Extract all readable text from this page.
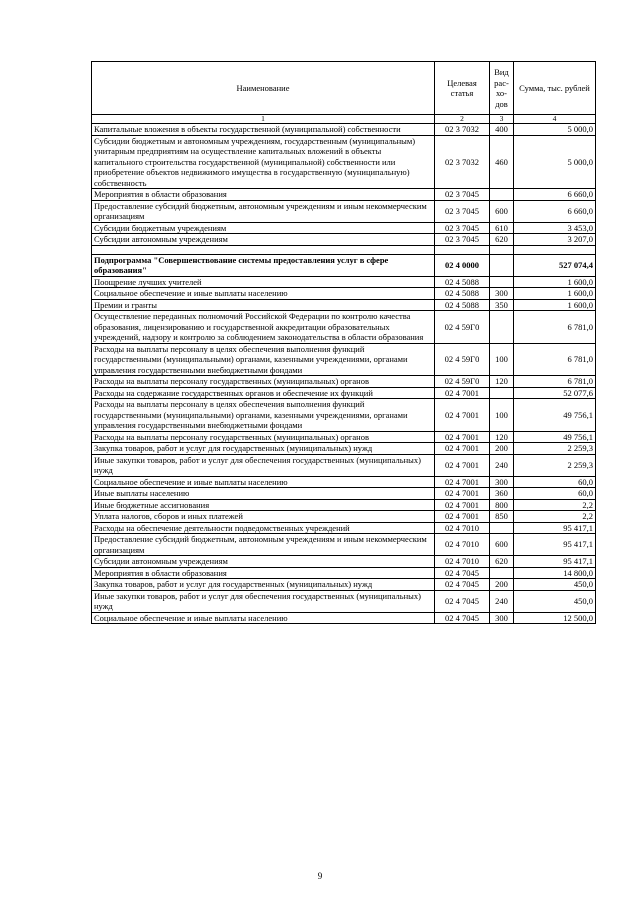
Наименование	Целевая статья	Вид рас-хо-дов	Сумма, тыс. рублей
1	2	3	4
Капитальные вложения в объекты государственной (муниципальной) собственности	02 3 7032	400	5 000,0
Субсидии бюджетным и автономным учреждениям, государственным (муниципальным) унитарным предприятиям на осуществление капитальных вложений в объекты капитального строительства государственной (муниципальной) собственности или приобретение объектов недвижимого имущества в государственную (муниципальную) собственность	02 3 7032	460	5 000,0
Мероприятия в области образования	02 3 7045		6 660,0
Предоставление субсидий бюджетным, автономным учреждениям и иным некоммерческим организациям	02 3 7045	600	6 660,0
Субсидии бюджетным учреждениям	02 3 7045	610	3 453,0
Субсидии автономным учреждениям	02 3 7045	620	3 207,0

Подпрограмма "Совершенствование системы предоставления услуг в сфере образования"	02 4 0000		527 074,4
Поощрение лучших учителей	02 4 5088		1 600,0
Социальное обеспечение и иные выплаты населению	02 4 5088	300	1 600,0
Премии и гранты	02 4 5088	350	1 600,0
Осуществление переданных полномочий Российской Федерации по контролю качества образования, лицензированию и государственной аккредитации образовательных учреждений, надзору и контролю за соблюдением законодательства в области образования	02 4 59Г0		6 781,0
Расходы на выплаты персоналу в целях обеспечения выполнения функций государственными (муниципальными) органами, казенными учреждениями, органами управления государственными внебюджетными фондами	02 4 59Г0	100	6 781,0
Расходы на выплаты персоналу государственных (муниципальных) органов	02 4 59Г0	120	6 781,0
Расходы на содержание государственных органов и обеспечение их функций	02 4 7001		52 077,6
Расходы на выплаты персоналу в целях обеспечения выполнения функций государственными (муниципальными) органами, казенными учреждениями, органами управления государственными внебюджетными фондами	02 4 7001	100	49 756,1
Расходы на выплаты персоналу государственных (муниципальных) органов	02 4 7001	120	49 756,1
Закупка товаров, работ и услуг для государственных (муниципальных) нужд	02 4 7001	200	2 259,3
Иные закупки товаров, работ и услуг для обеспечения государственных (муниципальных) нужд	02 4 7001	240	2 259,3
Социальное обеспечение и иные выплаты населению	02 4 7001	300	60,0
Иные выплаты населению	02 4 7001	360	60,0
Иные бюджетные ассигнования	02 4 7001	800	2,2
Уплата налогов, сборов и иных платежей	02 4 7001	850	2,2
Расходы на обеспечение деятельности подведомственных учреждений	02 4 7010		95 417,1
Предоставление субсидий бюджетным, автономным учреждениям и иным некоммерческим организациям	02 4 7010	600	95 417,1
Субсидии автономным учреждениям	02 4 7010	620	95 417,1
Мероприятия в области образования	02 4 7045		14 800,0
Закупка товаров, работ и услуг для государственных (муниципальных) нужд	02 4 7045	200	450,0
Иные закупки товаров, работ и услуг для обеспечения государственных (муниципальных) нужд	02 4 7045	240	450,0
Социальное обеспечение и иные выплаты населению	02 4 7045	300	12 500,0
9
